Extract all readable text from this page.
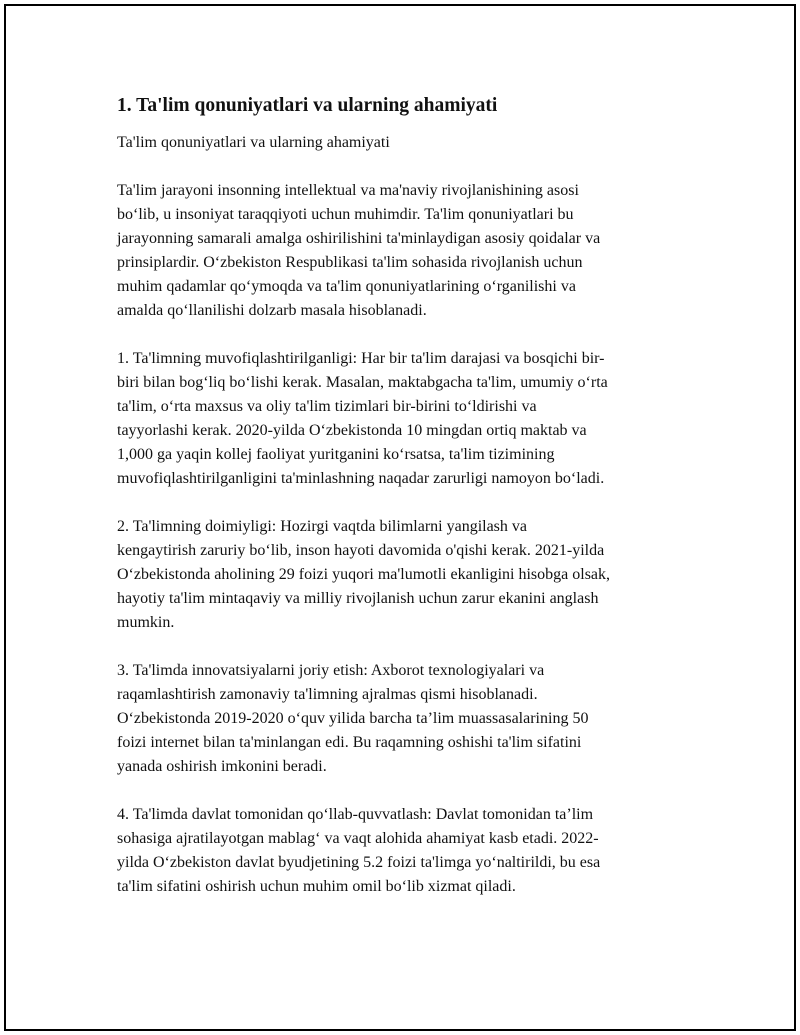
1. Ta'lim qonuniyatlari va ularning ahamiyati
Ta'lim qonuniyatlari va ularning ahamiyati
Ta'lim jarayoni insonning intellektual va ma'naviy rivojlanishining asosi
bo‘lib, u insoniyat taraqqiyoti uchun muhimdir. Ta'lim qonuniyatlari bu
jarayonning samarali amalga oshirilishini ta'minlaydigan asosiy qoidalar va
prinsiplardir. O‘zbekiston Respublikasi ta'lim sohasida rivojlanish uchun
muhim qadamlar qo‘ymoqda va ta'lim qonuniyatlarining o‘rganilishi va
amalda qo‘llanilishi dolzarb masala hisoblanadi.
1. Ta'limning muvofiqlashtirilganligi: Har bir ta'lim darajasi va bosqichi bir-
biri bilan bog‘liq bo‘lishi kerak. Masalan, maktabgacha ta'lim, umumiy o‘rta
ta'lim, o‘rta maxsus va oliy ta'lim tizimlari bir-birini to‘ldirishi va
tayyorlashi kerak. 2020-yilda O‘zbekistonda 10 mingdan ortiq maktab va
1,000 ga yaqin kollej faoliyat yuritganini ko‘rsatsa, ta'lim tizimining
muvofiqlashtirilganligini ta'minlashning naqadar zarurligi namoyon bo‘ladi.
2. Ta'limning doimiyligi: Hozirgi vaqtda bilimlarni yangilash va
kengaytirish zaruriy bo‘lib, inson hayoti davomida o'qishi kerak. 2021-yilda
O‘zbekistonda aholining 29 foizi yuqori ma'lumotli ekanligini hisobga olsak,
hayotiy ta'lim mintaqaviy va milliy rivojlanish uchun zarur ekanini anglash
mumkin.
3. Ta'limda innovatsiyalarni joriy etish: Axborot texnologiyalari va
raqamlashtirish zamonaviy ta'limning ajralmas qismi hisoblanadi.
O‘zbekistonda 2019-2020 o‘quv yilida barcha ta’lim muassasalarining 50
foizi internet bilan ta'minlangan edi. Bu raqamning oshishi ta'lim sifatini
yanada oshirish imkonini beradi.
4. Ta'limda davlat tomonidan qo‘llab-quvvatlash: Davlat tomonidan ta’lim
sohasiga ajratilayotgan mablag‘ va vaqt alohida ahamiyat kasb etadi. 2022-
yilda O‘zbekiston davlat byudjetining 5.2 foizi ta'limga yo‘naltirildi, bu esa
ta'lim sifatini oshirish uchun muhim omil bo‘lib xizmat qiladi.
